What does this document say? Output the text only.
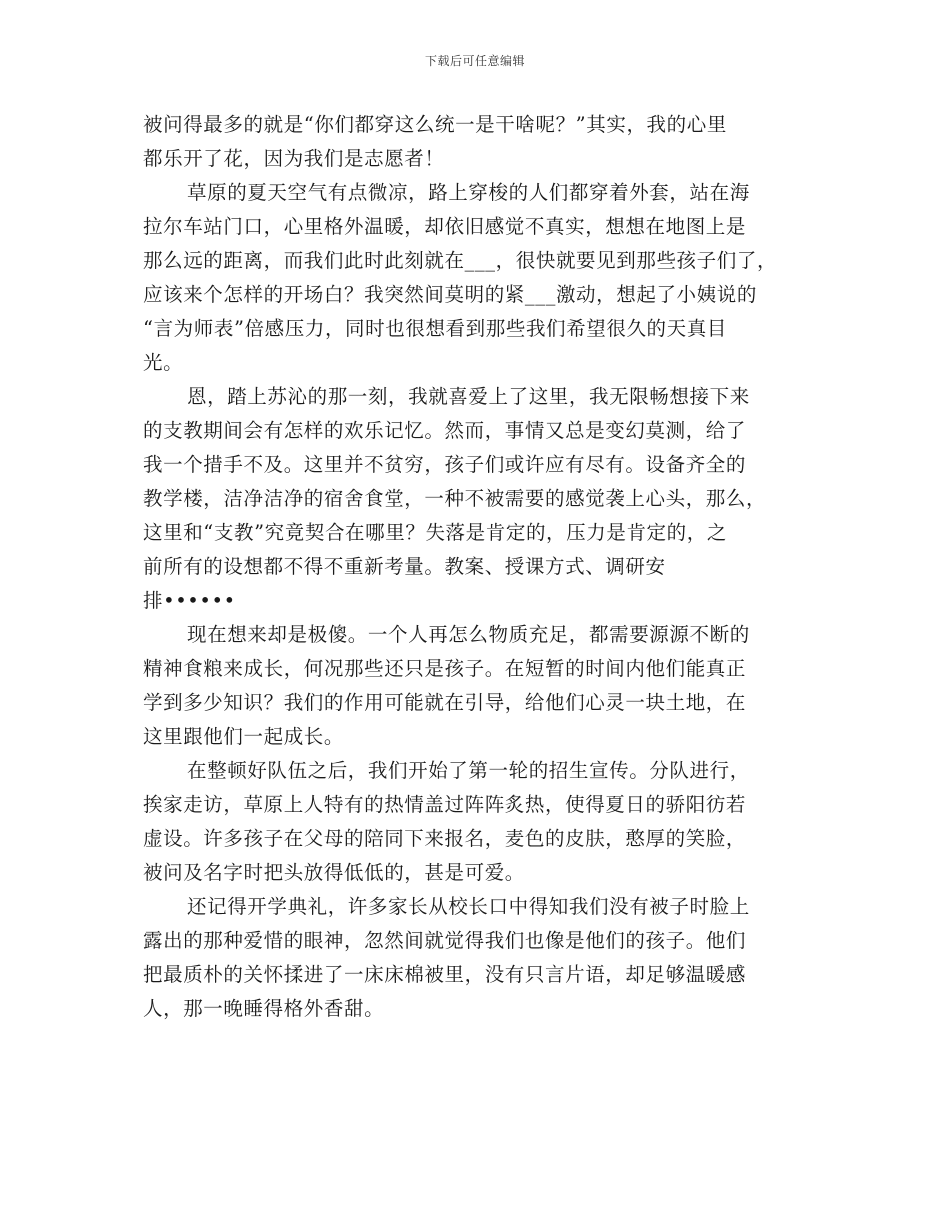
下载后可任意编辑
被问得最多的就是“你们都穿这么统一是干啥呢？”其实，我的心里
都乐开了花，因为我们是志愿者！
草原的夏天空气有点微凉，路上穿梭的人们都穿着外套，站在海
拉尔车站门口，心里格外温暖，却依旧感觉不真实，想想在地图上是
那么远的距离，而我们此时此刻就在___，很快就要见到那些孩子们了，
应该来个怎样的开场白？我突然间莫明的紧___激动，想起了小姨说的
“言为师表”倍感压力，同时也很想看到那些我们希望很久的天真目
光。
恩，踏上苏沁的那一刻，我就喜爱上了这里，我无限畅想接下来
的支教期间会有怎样的欢乐记忆。然而，事情又总是变幻莫测，给了
我一个措手不及。这里并不贫穷，孩子们或许应有尽有。设备齐全的
教学楼，洁净洁净的宿舍食堂，一种不被需要的感觉袭上心头，那么，
这里和“支教”究竟契合在哪里？失落是肯定的，压力是肯定的，之
前所有的设想都不得不重新考量。教案、授课方式、调研安
排••••••
现在想来却是极傻。一个人再怎么物质充足，都需要源源不断的
精神食粮来成长，何况那些还只是孩子。在短暂的时间内他们能真正
学到多少知识？我们的作用可能就在引导，给他们心灵一块土地，在
这里跟他们一起成长。
在整顿好队伍之后，我们开始了第一轮的招生宣传。分队进行，
挨家走访，草原上人特有的热情盖过阵阵炙热，使得夏日的骄阳彷若
虚设。许多孩子在父母的陪同下来报名，麦色的皮肤，憨厚的笑脸，
被问及名字时把头放得低低的，甚是可爱。
还记得开学典礼，许多家长从校长口中得知我们没有被子时脸上
露出的那种爱惜的眼神，忽然间就觉得我们也像是他们的孩子。他们
把最质朴的关怀揉进了一床床棉被里，没有只言片语，却足够温暖感
人，那一晚睡得格外香甜。
